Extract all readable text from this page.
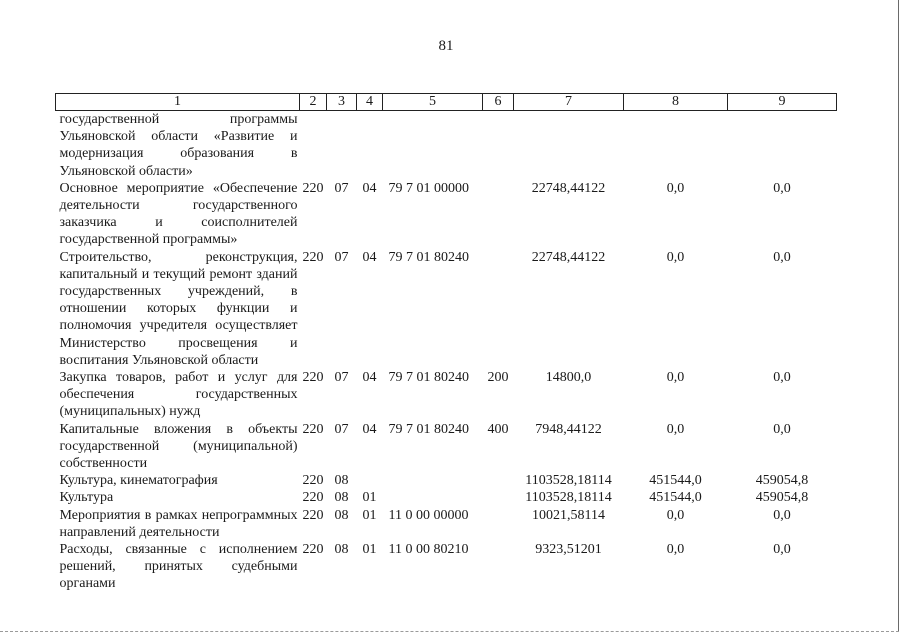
81
1	2	3	4	5	6	7	8	9
государственной программы Ульяновской области «Развитие и модернизация образования в Ульяновской области»								
Основное мероприятие «Обеспечение деятельности государственного заказчика и соисполнителей государственной программы»	220	07	04	79 7 01 00000		22748,44122	0,0	0,0
Строительство, реконструкция, капитальный и текущий ремонт зданий государственных учреждений, в отношении которых функции и полномочия учредителя осуществляет Министерство просвещения и воспитания Ульяновской области	220	07	04	79 7 01 80240		22748,44122	0,0	0,0
Закупка товаров, работ и услуг для обеспечения государственных (муниципальных) нужд	220	07	04	79 7 01 80240	200	14800,0	0,0	0,0
Капитальные вложения в объекты государственной (муниципальной) собственности	220	07	04	79 7 01 80240	400	7948,44122	0,0	0,0
Культура, кинематография	220	08				1103528,18114	451544,0	459054,8
Культура	220	08	01			1103528,18114	451544,0	459054,8
Мероприятия в рамках непрограммных направлений деятельности	220	08	01	11 0 00 00000		10021,58114	0,0	0,0
Расходы, связанные с исполнением решений, принятых судебными органами	220	08	01	11 0 00 80210		9323,51201	0,0	0,0
